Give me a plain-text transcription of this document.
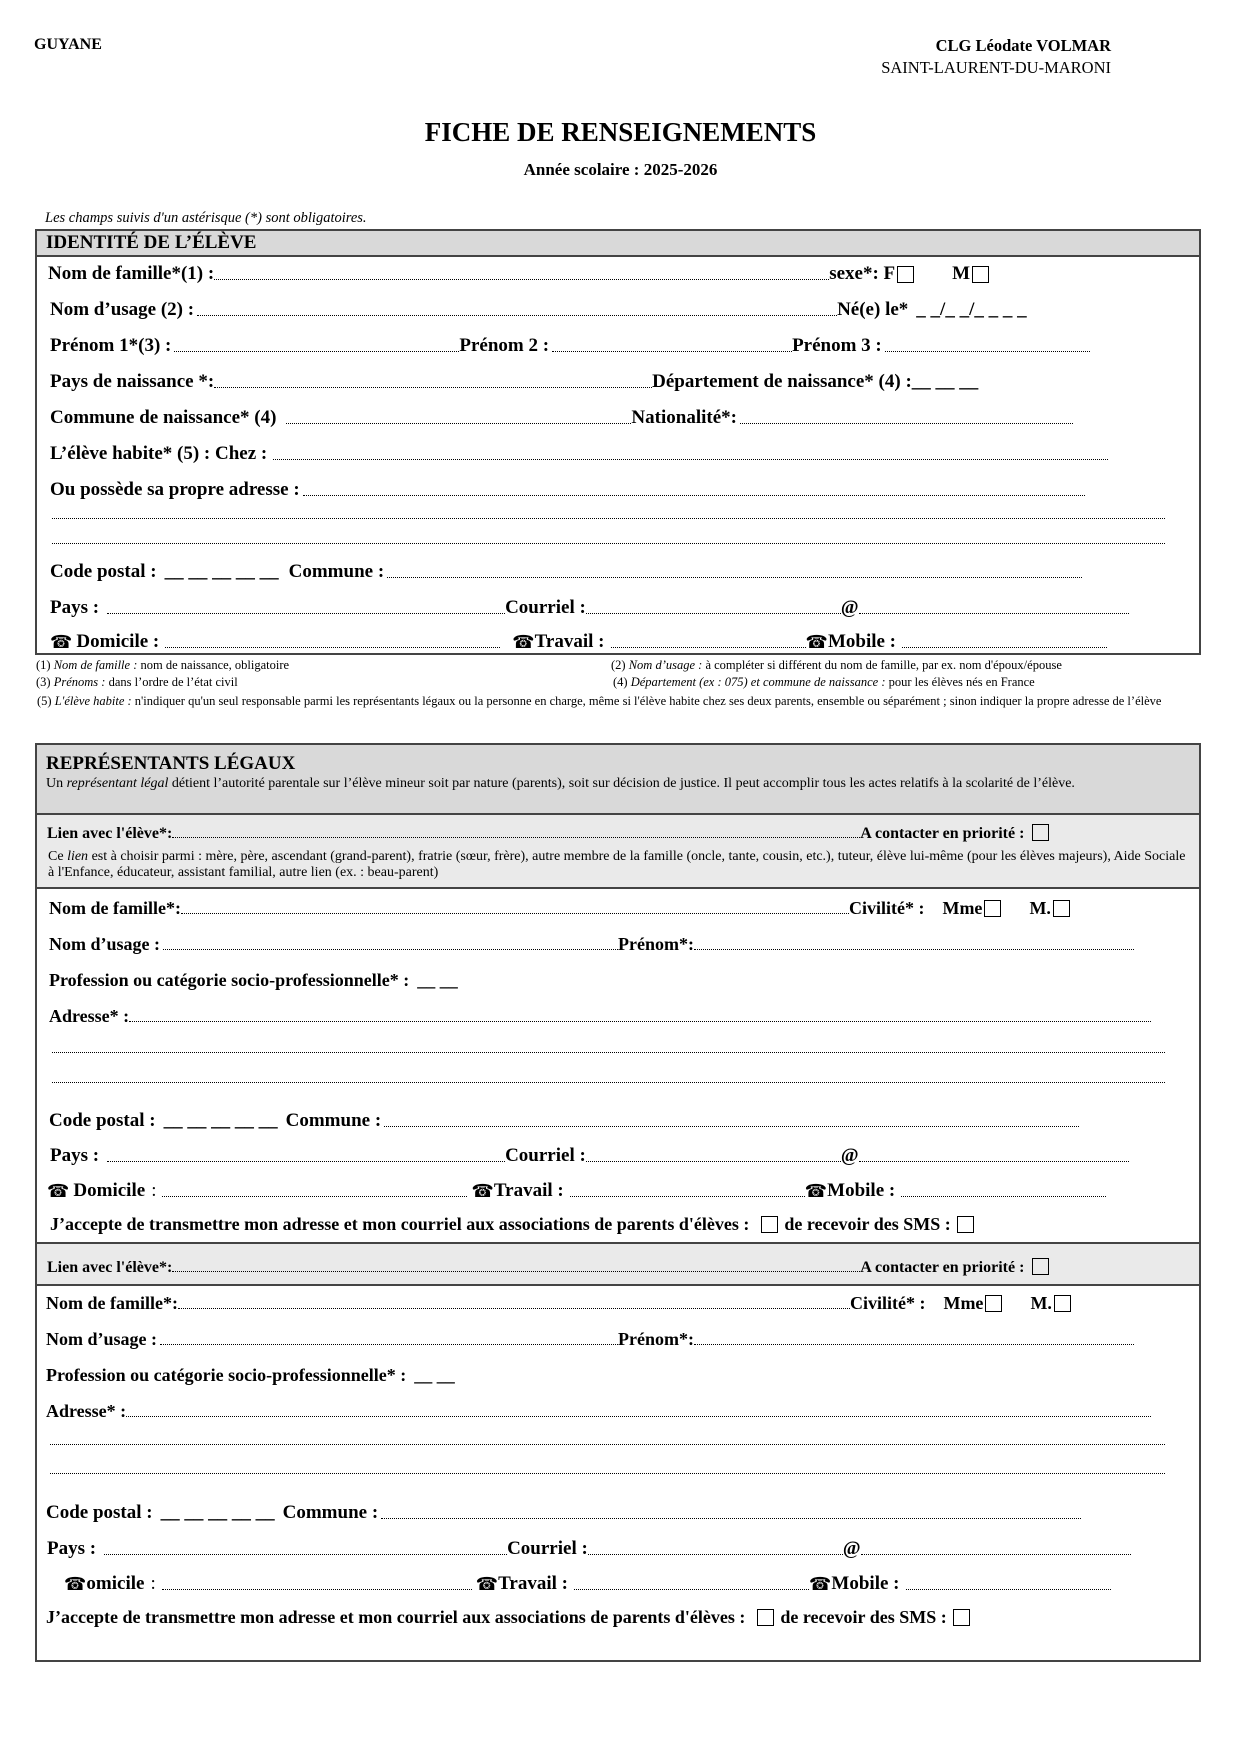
GUYANE	CLG Léodate VOLMAR
SAINT-LAURENT-DU-MARONI
FICHE DE RENSEIGNEMENTS
Année scolaire : 2025-2026
Les champs suivis d'un astérisque (*) sont obligatoires.
IDENTITÉ DE L’ÉLÈVE
Nom de famille*(1) :	sexe*: F	M
Nom d’usage (2) :	Né(e) le* _ _/_ _/_ _ _ _
Prénom 1*(3) :	Prénom 2 :	Prénom 3 :
Pays de naissance *:	Département de naissance* (4) : __ __ __
Commune de naissance* (4)	Nationalité*:
L’élève habite* (5) : Chez :
Ou possède sa propre adresse :
Code postal : __ __ __ __ __ Commune :
Pays :	Courriel :	@
☎ Domicile :	☎ Travail :	☎ Mobile :
(1) Nom de famille : nom de naissance, obligatoire	(2) Nom d’usage : à compléter si différent du nom de famille, par ex. nom d'époux/épouse
(3) Prénoms : dans l’ordre de l’état civil	(4) Département (ex : 075) et commune de naissance : pour les élèves nés en France
(5) L'élève habite : n'indiquer qu'un seul responsable parmi les représentants légaux ou la personne en charge, même si l'élève habite chez ses deux parents, ensemble ou séparément ; sinon indiquer la propre adresse de l’élève
REPRÉSENTANTS LÉGAUX
Un représentant légal détient l’autorité parentale sur l’élève mineur soit par nature (parents), soit sur décision de justice. Il peut accomplir tous les actes relatifs à la scolarité de l’élève.
Lien avec l'élève*:	A contacter en priorité :
Ce lien est à choisir parmi : mère, père, ascendant (grand-parent), fratrie (sœur, frère), autre membre de la famille (oncle, tante, cousin, etc.), tuteur, élève lui-même (pour les élèves majeurs), Aide Sociale à l'Enfance, éducateur, assistant familial, autre lien (ex. : beau-parent)
Nom de famille*:	Civilité* : Mme	M.
Nom d’usage :	Prénom*:
Profession ou catégorie socio-professionnelle* : __ __
Adresse* :
Code postal : __ __ __ __ __ Commune :
Pays :	Courriel :	@
☎ Domicile :	☎ Travail :	☎ Mobile :
J’accepte de transmettre mon adresse et mon courriel aux associations de parents d'élèves : de recevoir des SMS :
Lien avec l'élève*:	A contacter en priorité :
Nom de famille*:	Civilité* : Mme	M.
Nom d’usage :	Prénom*:
Profession ou catégorie socio-professionnelle* : __ __
Adresse* :
Code postal : __ __ __ __ __ Commune :
Pays :	Courriel :	@
☎ omicile :	☎ Travail :	☎ Mobile :
J’accepte de transmettre mon adresse et mon courriel aux associations de parents d'élèves : de recevoir des SMS :
